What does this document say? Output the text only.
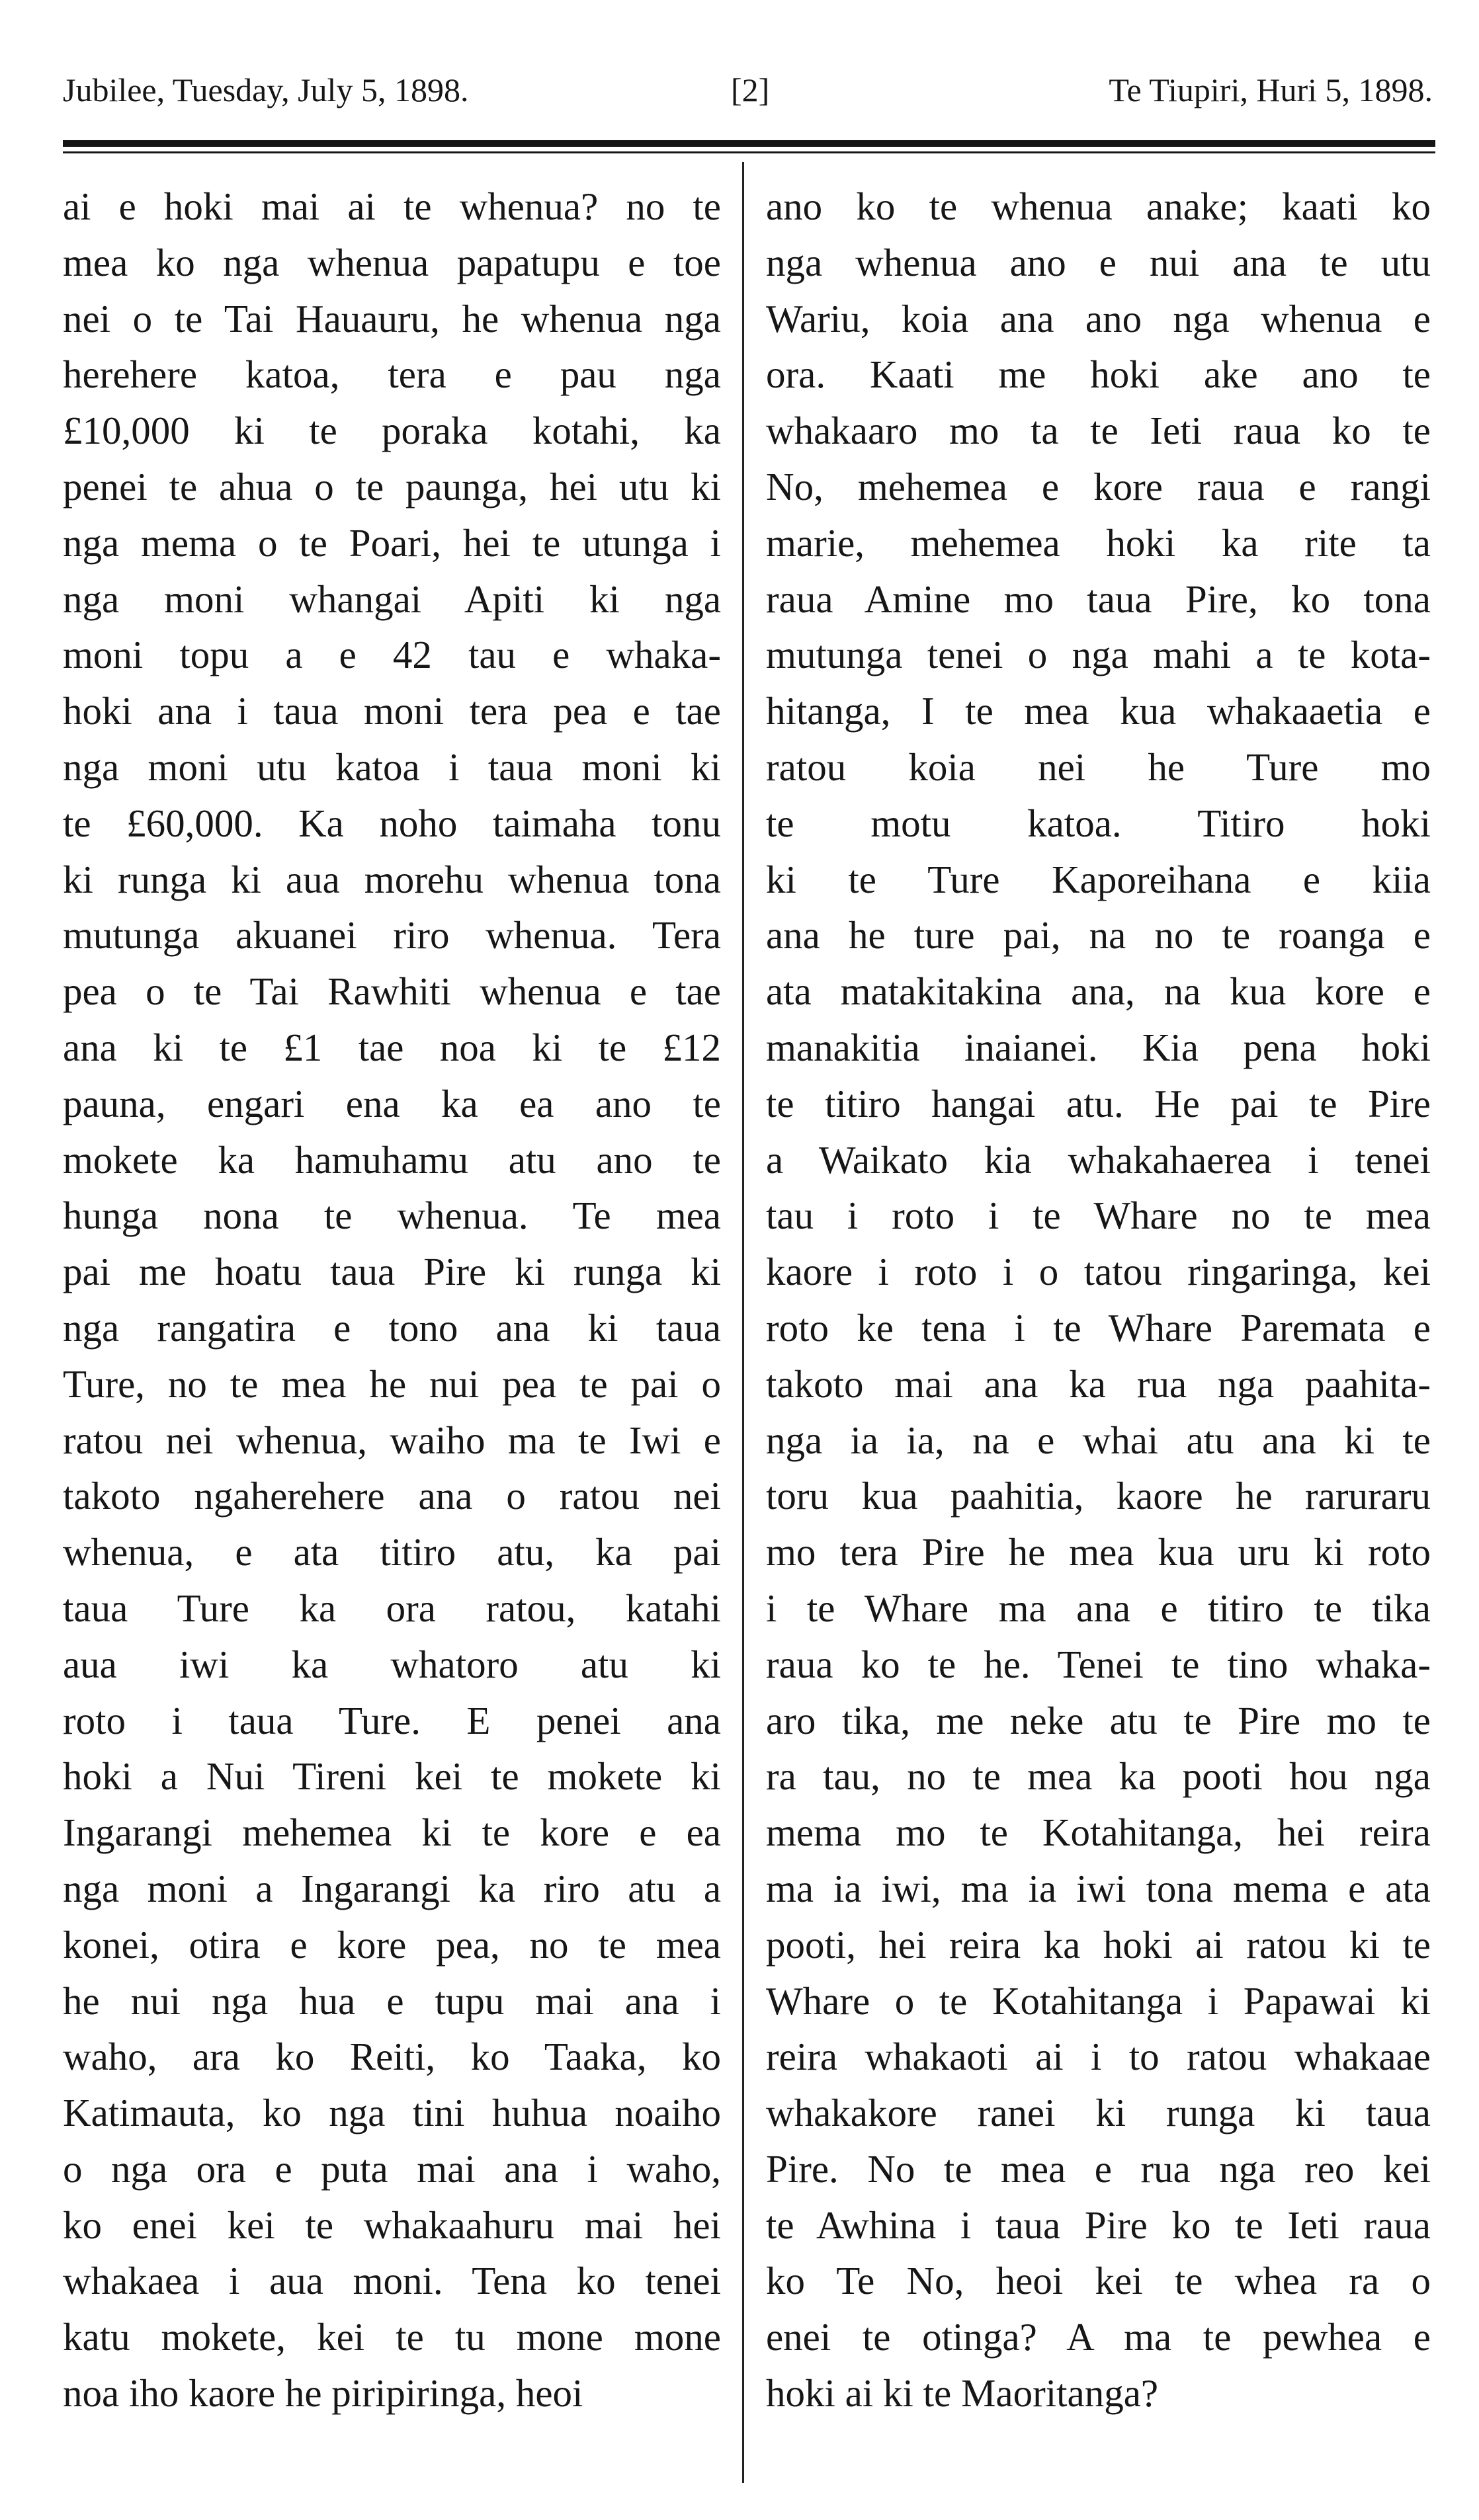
Jubilee, Tuesday, July 5, 1898.	[2]	Te Tiupiri, Huri 5, 1898.
ai e hoki mai ai te whenua? no te
mea ko nga whenua papatupu e toe
nei o te Tai Hauauru, he whenua nga
herehere katoa, tera e pau nga
£10,000 ki te poraka kotahi, ka
penei te ahua o te paunga, hei utu ki
nga mema o te Poari, hei te utunga i
nga moni whangai Apiti ki nga
moni topu a e 42 tau e whaka-
hoki ana i taua moni tera pea e tae
nga moni utu katoa i taua moni ki
te £60,000. Ka noho taimaha tonu
ki runga ki aua morehu whenua tona
mutunga akuanei riro whenua. Tera
pea o te Tai Rawhiti whenua e tae
ana ki te £1 tae noa ki te £12
pauna, engari ena ka ea ano te
mokete ka hamuhamu atu ano te
hunga nona te whenua. Te mea
pai me hoatu taua Pire ki runga ki
nga rangatira e tono ana ki taua
Ture, no te mea he nui pea te pai o
ratou nei whenua, waiho ma te Iwi e
takoto ngaherehere ana o ratou nei
whenua, e ata titiro atu, ka pai
taua Ture ka ora ratou, katahi
aua iwi ka whatoro atu ki
roto i taua Ture. E penei ana
hoki a Nui Tireni kei te mokete ki
Ingarangi mehemea ki te kore e ea
nga moni a Ingarangi ka riro atu a
konei, otira e kore pea, no te mea
he nui nga hua e tupu mai ana i
waho, ara ko Reiti, ko Taaka, ko
Katimauta, ko nga tini huhua noaiho
o nga ora e puta mai ana i waho,
ko enei kei te whakaahuru mai hei
whakaea i aua moni. Tena ko tenei
katu mokete, kei te tu mone mone
noa iho kaore he piripiringa, heoi
ano ko te whenua anake; kaati ko
nga whenua ano e nui ana te utu
Wariu, koia ana ano nga whenua e
ora. Kaati me hoki ake ano te
whakaaro mo ta te Ieti raua ko te
No, mehemea e kore raua e rangi
marie, mehemea hoki ka rite ta
raua Amine mo taua Pire, ko tona
mutunga tenei o nga mahi a te kota-
hitanga, I te mea kua whakaaetia e
ratou koia nei he Ture mo
te motu katoa. Titiro hoki
ki te Ture Kaporeihana e kiia
ana he ture pai, na no te roanga e
ata matakitakina ana, na kua kore e
manakitia inaianei. Kia pena hoki
te titiro hangai atu. He pai te Pire
a Waikato kia whakahaerea i tenei
tau i roto i te Whare no te mea
kaore i roto i o tatou ringaringa, kei
roto ke tena i te Whare Paremata e
takoto mai ana ka rua nga paahita-
nga ia ia, na e whai atu ana ki te
toru kua paahitia, kaore he raruraru
mo tera Pire he mea kua uru ki roto
i te Whare ma ana e titiro te tika
raua ko te he. Tenei te tino whaka-
aro tika, me neke atu te Pire mo te
ra tau, no te mea ka pooti hou nga
mema mo te Kotahitanga, hei reira
ma ia iwi, ma ia iwi tona mema e ata
pooti, hei reira ka hoki ai ratou ki te
Whare o te Kotahitanga i Papawai ki
reira whakaoti ai i to ratou whakaae
whakakore ranei ki runga ki taua
Pire. No te mea e rua nga reo kei
te Awhina i taua Pire ko te Ieti raua
ko Te No, heoi kei te whea ra o
enei te otinga? A ma te pewhea e
hoki ai ki te Maoritanga?
